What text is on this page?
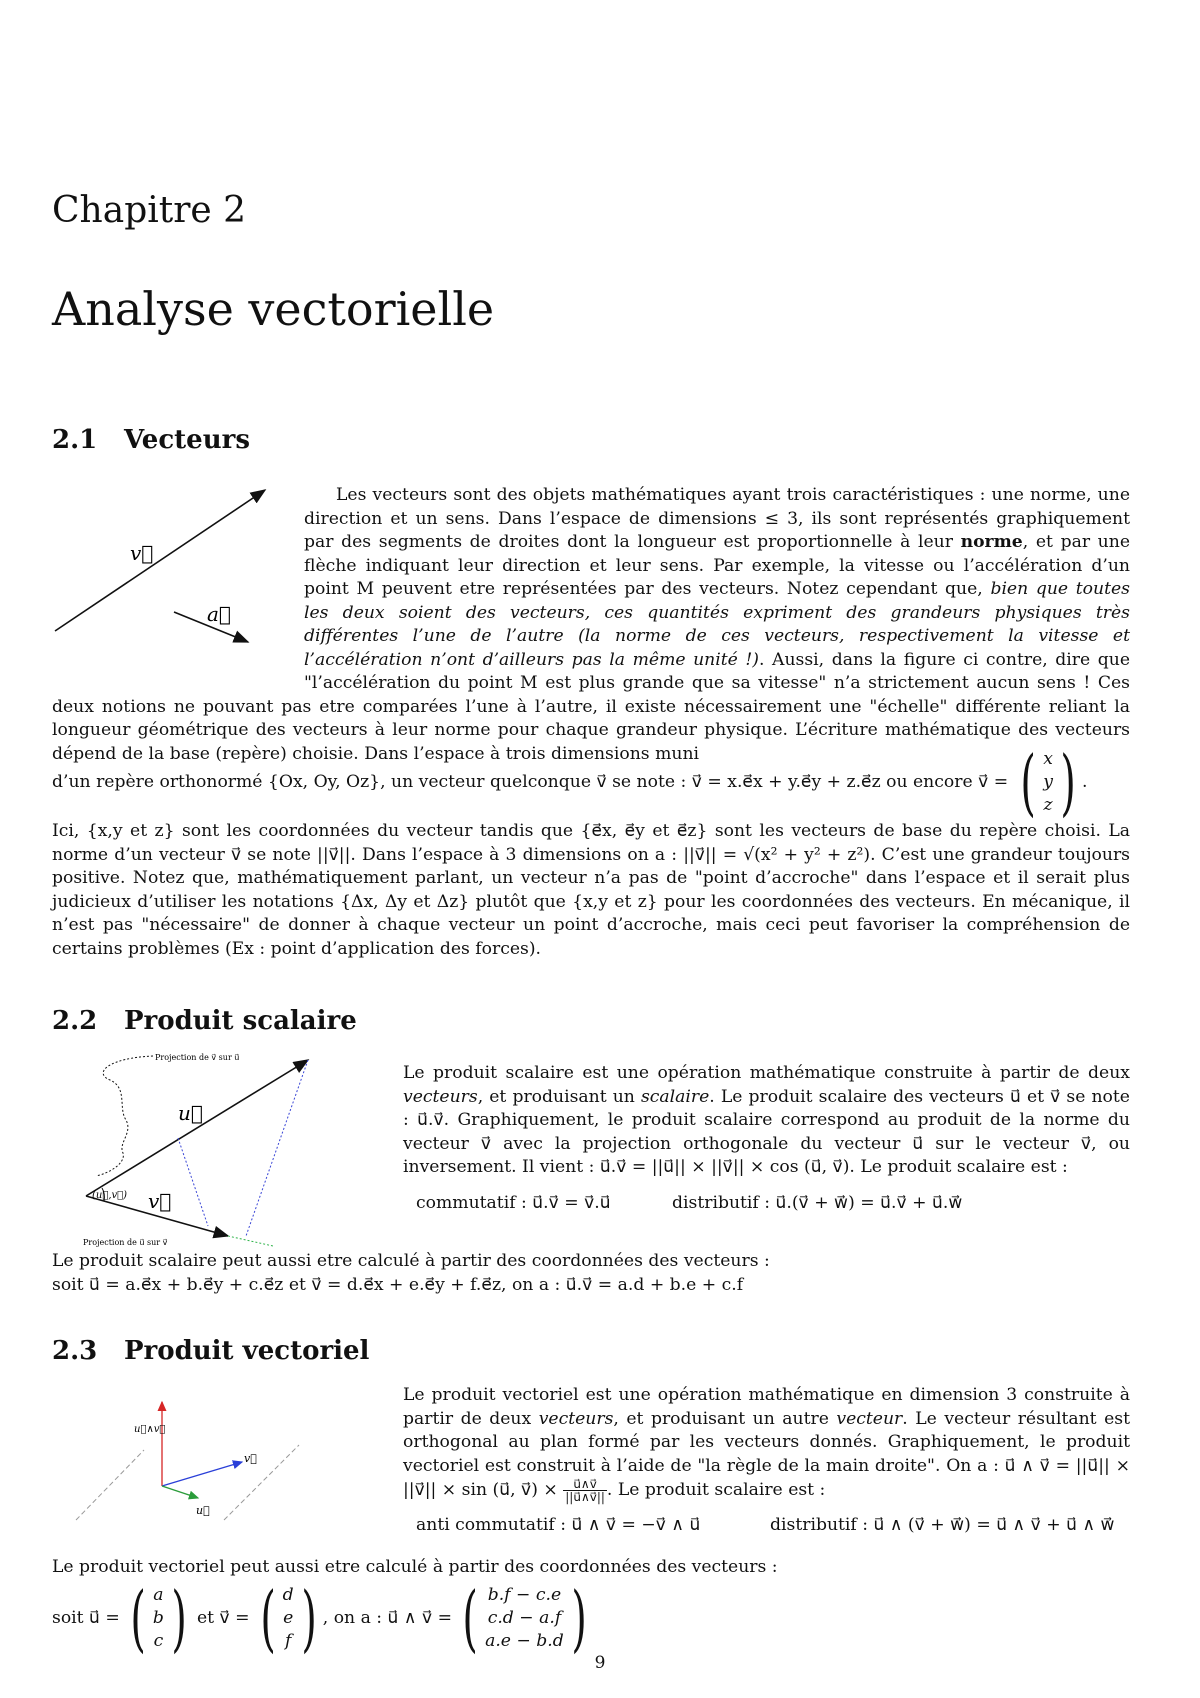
Chapitre 2
Analyse vectorielle
2.1 Vecteurs
v⃗
a⃗

Les vecteurs sont des objets mathématiques ayant trois caractéristiques : une norme, une direction et un sens. Dans l’espace de dimensions ≤ 3, ils sont représentés graphiquement par des segments de droites dont la longueur est proportionnelle à leur norme, et par une flèche indiquant leur direction et leur sens. Par exemple, la vitesse ou l’accélération d’un point M peuvent etre représentées par des vecteurs. Notez cependant que, bien que toutes les deux soient des vecteurs, ces quantités expriment des grandeurs physiques très différentes l’une de l’autre (la norme de ces vecteurs, respectivement la vitesse et l’accélération n’ont d’ailleurs pas la même unité !). Aussi, dans la figure ci contre, dire que "l’accélération du point M est plus grande que sa vitesse" n’a strictement aucun sens ! Ces deux notions ne pouvant pas etre comparées l’une à l’autre, il existe nécessairement une "échelle" différente reliant la longueur géométrique des vecteurs à leur norme pour chaque grandeur physique. L’écriture mathématique des vecteurs dépend de la base (repère) choisie. Dans l’espace à trois dimensions muni

d’un repère orthonormé {Ox, Oy, Oz}, un vecteur quelconque v⃗ se note : v⃗ = x.e⃗x + y.e⃗y + z.e⃗z ou encore v⃗ = ( x
y
z ) .

Ici, {x,y et z} sont les coordonnées du vecteur tandis que {e⃗x, e⃗y et e⃗z} sont les vecteurs de base du repère choisi. La norme d’un vecteur v⃗ se note ||v⃗||. Dans l’espace à 3 dimensions on a : ||v⃗|| = √(x² + y² + z²). C’est une grandeur toujours positive. Notez que, mathématiquement parlant, un vecteur n’a pas de "point d’accroche" dans l’espace et il serait plus judicieux d’utiliser les notations {Δx, Δy et Δz} plutôt que {x,y et z} pour les coordonnées des vecteurs. En mécanique, il n’est pas "nécessaire" de donner à chaque vecteur un point d’accroche, mais ceci peut favoriser la compréhension de certains problèmes (Ex : point d’application des forces).

2.2 Produit scalaire
Projection de v⃗ sur u⃗
u⃗
v⃗
(u⃗,v⃗)
Projection de u⃗ sur v⃗

Le produit scalaire est une opération mathématique construite à partir de deux vecteurs, et produisant un scalaire. Le produit scalaire des vecteurs u⃗ et v⃗ se note : u⃗.v⃗. Graphiquement, le produit scalaire correspond au produit de la norme du vecteur v⃗ avec la projection orthogonale du vecteur u⃗ sur le vecteur v⃗, ou inversement. Il vient : u⃗.v⃗ = ||u⃗|| × ||v⃗|| × cos (u⃗, v⃗). Le produit scalaire est :

commutatif : u⃗.v⃗ = v⃗.u⃗	distributif : u⃗.(v⃗ + w⃗) = u⃗.v⃗ + u⃗.w⃗
Le produit scalaire peut aussi etre calculé à partir des coordonnées des vecteurs :
soit u⃗ = a.e⃗x + b.e⃗y + c.e⃗z et v⃗ = d.e⃗x + e.e⃗y + f.e⃗z, on a : u⃗.v⃗ = a.d + b.e + c.f
2.3 Produit vectoriel
u⃗∧v⃗
v⃗
u⃗

Le produit vectoriel est une opération mathématique en dimension 3 construite à partir de deux vecteurs, et produisant un autre vecteur. Le vecteur résultant est orthogonal au plan formé par les vecteurs donnés. Graphiquement, le produit vectoriel est construit à l’aide de "la règle de la main droite". On a : u⃗ ∧ v⃗ = ||u⃗|| × ||v⃗|| × sin (u⃗, v⃗) × $\frac{u⃗\wedge v⃗}{||u⃗\wedge v⃗||}$ . Le produit scalaire est :

anti commutatif : u⃗ ∧ v⃗ = −v⃗ ∧ u⃗	distributif : u⃗ ∧ (v⃗ + w⃗) = u⃗ ∧ v⃗ + u⃗ ∧ w⃗
Le produit vectoriel peut aussi etre calculé à partir des coordonnées des vecteurs :
soit u⃗ = ( a
b
c ) et v⃗ = ( d
e
f ) , on a : u⃗ ∧ v⃗ = ( b.f − c.e
c.d − a.f
a.e − b.d )
9
